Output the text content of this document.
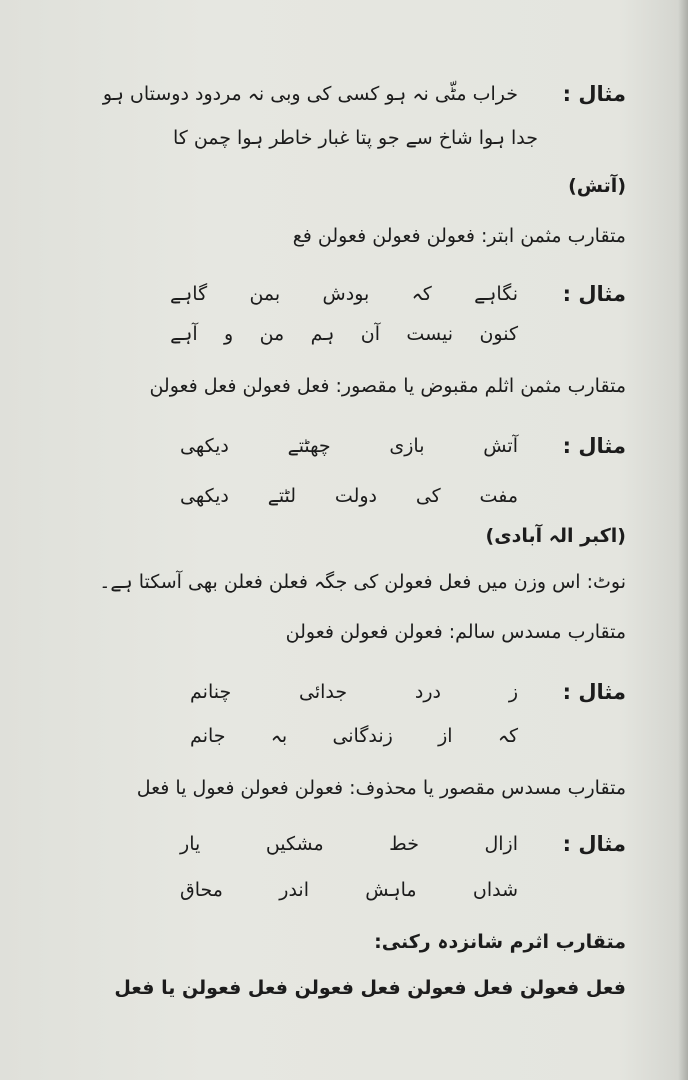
مثال :
خراب مٹّی نہ ہو کسی کی وبی نہ مردود دوستاں ہو
جدا ہوا شاخ سے جو پتا غبار خاطر ہوا چمن کا
(آتش)
متقارب مثمن ابتر: فعولن فعولن فعولن فع
مثال :
نگاہے
کہ
بودش
بمن
گاہے
کنون
نیست
آن
ہم
من
و
آہے
متقارب مثمن اثلم مقبوض یا مقصور: فعل فعولن فعل فعولن
مثال :
آتش
بازی
چھٹتے
دیکھی
مفت
کی
دولت
لٹتے
دیکھی
(اکبر الہ آبادی)
نوٹ: اس وزن میں فعل فعولن کی جگہ فعلن فعلن بھی آسکتا ہے۔
متقارب مسدس سالم: فعولن فعولن فعولن
مثال :
ز
درد
جدائی
چنانم
کہ
از
زندگانی
بہ
جانم
متقارب مسدس مقصور یا محذوف: فعولن فعولن فعول یا فعل
مثال :
ازال
خط
مشکیں
یار
شداں
ماہش
اندر
محاق
متقارب اثرم شانزدہ رکنی:
فعل فعولن فعل فعولن فعل فعولن فعل فعولن یا فعل
